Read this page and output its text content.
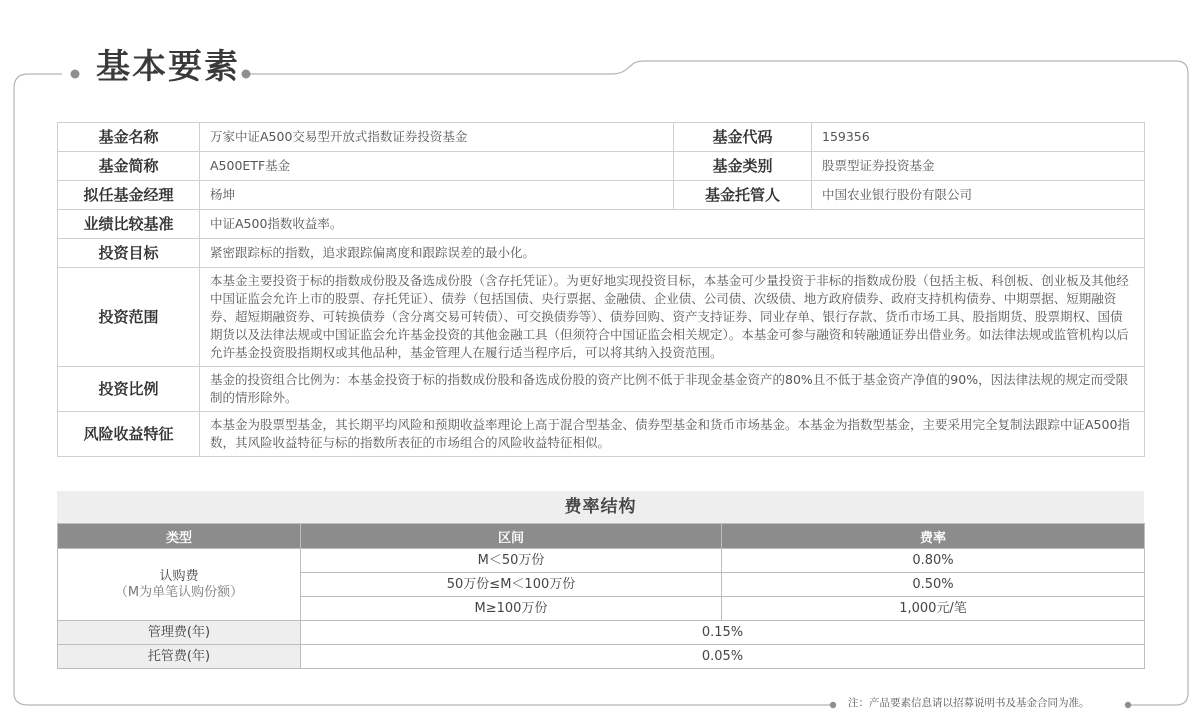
基本要素
基金名称	万家中证A500交易型开放式指数证券投资基金	基金代码	159356
基金简称	A500ETF基金	基金类别	股票型证券投资基金
拟任基金经理	杨坤	基金托管人	中国农业银行股份有限公司
业绩比较基准	中证A500指数收益率。		
投资目标	紧密跟踪标的指数，追求跟踪偏离度和跟踪误差的最小化。		
投资范围	本基金主要投资于标的指数成份股及备选成份股（含存托凭证）。为更好地实现投资目标，本基金可少量投资于非标的指数成份股（包括主板、科创板、创业板及其他经中国证监会允许上市的股票、存托凭证）、债券（包括国债、央行票据、金融债、企业债、公司债、次级债、地方政府债券、政府支持机构债券、中期票据、短期融资券、超短期融资券、可转换债券（含分离交易可转债）、可交换债券等）、债券回购、资产支持证券、同业存单、银行存款、货币市场工具、股指期货、股票期权、国债期货以及法律法规或中国证监会允许基金投资的其他金融工具（但须符合中国证监会相关规定）。本基金可参与融资和转融通证券出借业务。如法律法规或监管机构以后允许基金投资股指期权或其他品种，基金管理人在履行适当程序后，可以将其纳入投资范围。		
投资比例	基金的投资组合比例为：本基金投资于标的指数成份股和备选成份股的资产比例不低于非现金基金资产的80%且不低于基金资产净值的90%，因法律法规的规定而受限制的情形除外。		
风险收益特征	本基金为股票型基金，其长期平均风险和预期收益率理论上高于混合型基金、债券型基金和货币市场基金。本基金为指数型基金，主要采用完全复制法跟踪中证A500指数，其风险收益特征与标的指数所表征的市场组合的风险收益特征相似。		
费率结构
类型	区间	费率

认购费
（M为单笔认购份额）	M＜50万份	0.80%
	50万份≤M＜100万份	0.50%
	M≥100万份	1,000元/笔
管理费(年)	0.15%	
托管费(年)	0.05%	
注：产品要素信息请以招募说明书及基金合同为准。
